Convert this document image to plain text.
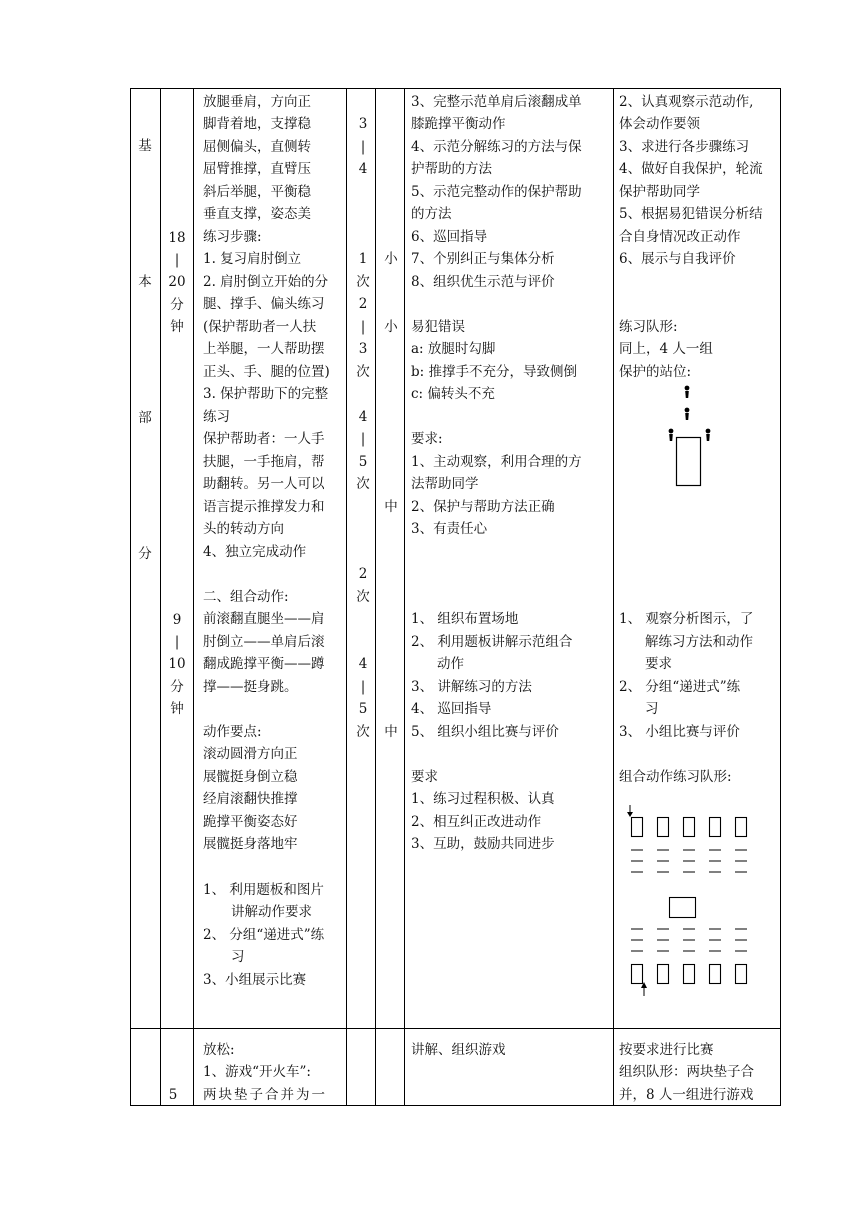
基
本
部
分
18
|
20
分
钟
9
|
10
分
钟
5
放腿垂肩，方向正
脚背着地，支撑稳
屈侧偏头，直侧转
屈臂推撑，直臂压
斜后举腿，平衡稳
垂直支撑，姿态美
练习步骤:
1. 复习肩肘倒立
2. 肩肘倒立开始的分
腿、撑手、偏头练习
(保护帮助者一人扶
上举腿，一人帮助摆
正头、手、腿的位置)
3. 保护帮助下的完整
练习
保护帮助者：一人手
扶腿，一手拖肩，帮
助翻转。另一人可以
语言提示推撑发力和
头的转动方向
4、独立完成动作
二、组合动作:
前滚翻直腿坐——肩
肘倒立——单肩后滚
翻成跪撑平衡——蹲
撑——挺身跳。
动作要点:
滚动圆滑方向正
展髋挺身倒立稳
经肩滚翻快推撑
跪撑平衡姿态好
展髋挺身落地牢
1、 利用题板和图片
讲解动作要求
2、 分组“递进式”练
习
3、小组展示比赛
放松:
1、游戏“开火车”:
两块垫子合并为一
3
|
4
1
次
2
|
3
次
4
|
5
次
2
次
4
|
5
次
小
小
中
中
3、完整示范单肩后滚翻成单
膝跪撑平衡动作
4、示范分解练习的方法与保
护帮助的方法
5、示范完整动作的保护帮助
的方法
6、巡回指导
7、个别纠正与集体分析
8、组织优生示范与评价
易犯错误
a: 放腿时勾脚
b: 推撑手不充分，导致侧倒
c: 偏转头不充
要求:
1、主动观察，利用合理的方
法帮助同学
2、保护与帮助方法正确
3、有责任心
1、 组织布置场地
2、 利用题板讲解示范组合
动作
3、 讲解练习的方法
4、 巡回指导
5、 组织小组比赛与评价
要求
1、练习过程积极、认真
2、相互纠正改进动作
3、互助，鼓励共同进步
讲解、组织游戏
2、认真观察示范动作,
体会动作要领
3、求进行各步骤练习
4、做好自我保护，轮流
保护帮助同学
5、根据易犯错误分析结
合自身情况改正动作
6、展示与自我评价
练习队形:
同上，4 人一组
保护的站位:
1、 观察分析图示，了
解练习方法和动作
要求
2、 分组“递进式”练
习
3、 小组比赛与评价
组合动作练习队形:
按要求进行比赛
组织队形：两块垫子合
并，8 人一组进行游戏
